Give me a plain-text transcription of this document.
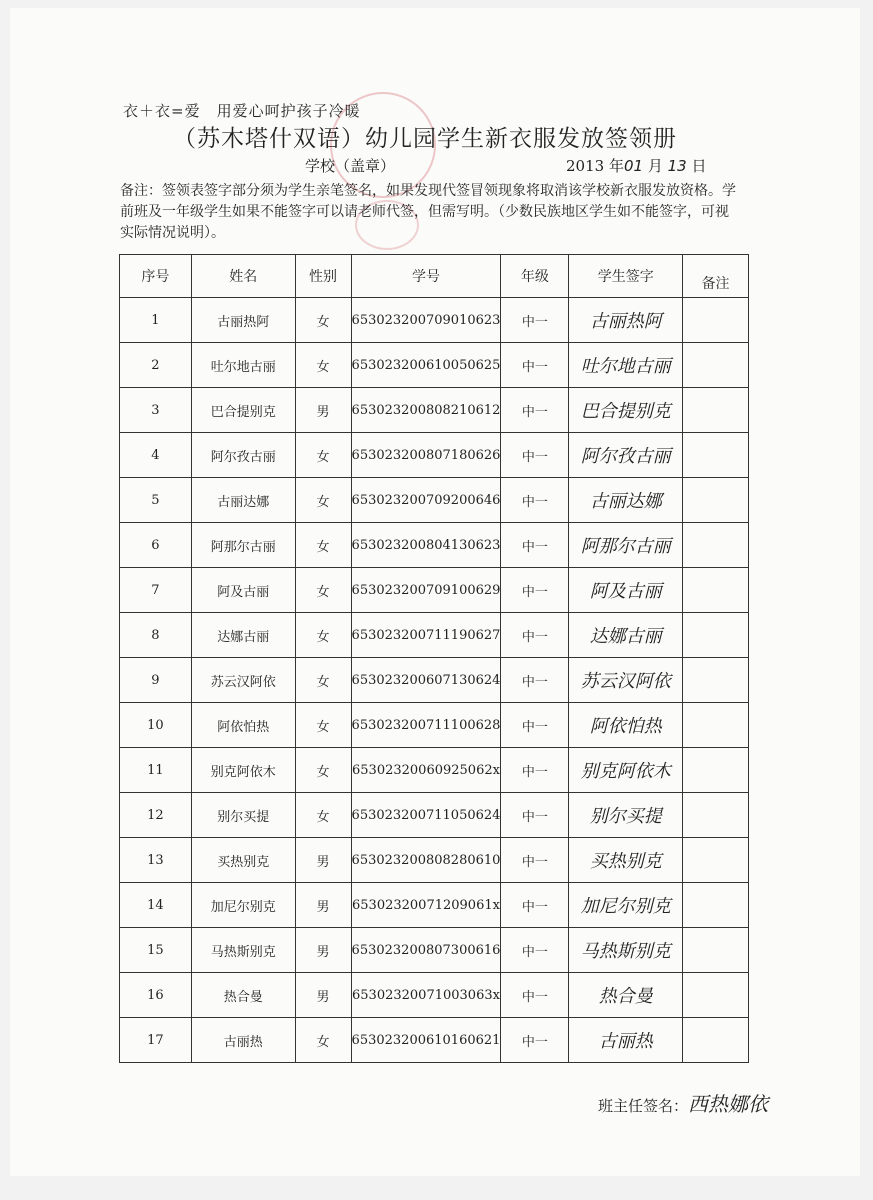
衣＋衣=爱　用爱心呵护孩子冷暖
（苏木塔什双语）幼儿园学生新衣服发放签领册
学校（盖章）	2013 年01 月 13 日
备注：签领表签字部分须为学生亲笔签名，如果发现代签冒领现象将取消该学校新衣服发放资格。学前班及一年级学生如果不能签字可以请老师代签，但需写明。（少数民族地区学生如不能签字，可视实际情况说明）。
序号	姓名	性别	学号	年级	学生签字	备注
1	古丽热阿	女	653023200709010623	中一	古丽热阿	
2	吐尔地古丽	女	653023200610050625	中一	吐尔地古丽	
3	巴合提别克	男	653023200808210612	中一	巴合提别克	
4	阿尔孜古丽	女	653023200807180626	中一	阿尔孜古丽	
5	古丽达娜	女	653023200709200646	中一	古丽达娜	
6	阿那尔古丽	女	653023200804130623	中一	阿那尔古丽	
7	阿及古丽	女	653023200709100629	中一	阿及古丽	
8	达娜古丽	女	653023200711190627	中一	达娜古丽	
9	苏云汉阿依	女	653023200607130624	中一	苏云汉阿依	
10	阿依怕热	女	653023200711100628	中一	阿依怕热	
11	别克阿依木	女	65302320060925062x	中一	别克阿依木	
12	别尔买提	女	653023200711050624	中一	别尔买提	
13	买热别克	男	653023200808280610	中一	买热别克	
14	加尼尔别克	男	65302320071209061x	中一	加尼尔别克	
15	马热斯别克	男	653023200807300616	中一	马热斯别克	
16	热合曼	男	65302320071003063x	中一	热合曼	
17	古丽热	女	653023200610160621	中一	古丽热	
班主任签名：西热娜依
